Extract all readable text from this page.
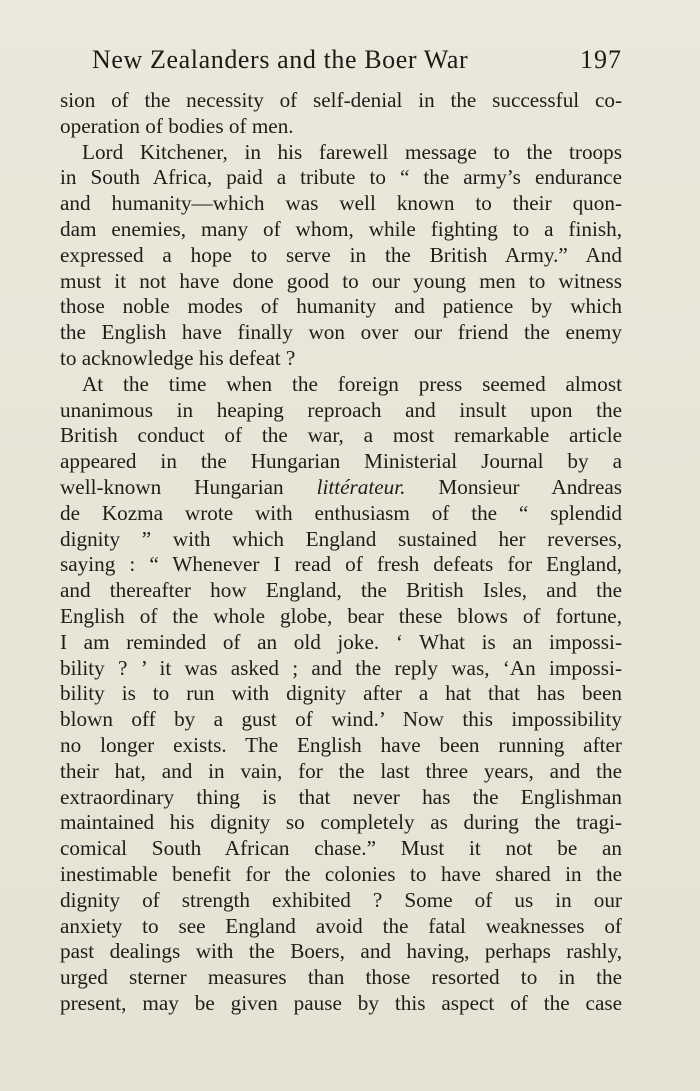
New Zealanders and the Boer War	197
sion of the necessity of self-denial in the successful co-
operation of bodies of men.
Lord Kitchener, in his farewell message to the troops
in South Africa, paid a tribute to “ the army’s endurance
and humanity—which was well known to their quon-
dam enemies, many of whom, while fighting to a finish,
expressed a hope to serve in the British Army.” And
must it not have done good to our young men to witness
those noble modes of humanity and patience by which
the English have finally won over our friend the enemy
to acknowledge his defeat ?
At the time when the foreign press seemed almost
unanimous in heaping reproach and insult upon the
British conduct of the war, a most remarkable article
appeared in the Hungarian Ministerial Journal by a
well-known Hungarian littérateur. Monsieur Andreas
de Kozma wrote with enthusiasm of the “ splendid
dignity ” with which England sustained her reverses,
saying : “ Whenever I read of fresh defeats for England,
and thereafter how England, the British Isles, and the
English of the whole globe, bear these blows of fortune,
I am reminded of an old joke. ‘ What is an impossi-
bility ? ’ it was asked ; and the reply was, ‘An impossi-
bility is to run with dignity after a hat that has been
blown off by a gust of wind.’ Now this impossibility
no longer exists. The English have been running after
their hat, and in vain, for the last three years, and the
extraordinary thing is that never has the Englishman
maintained his dignity so completely as during the tragi-
comical South African chase.” Must it not be an
inestimable benefit for the colonies to have shared in the
dignity of strength exhibited ? Some of us in our
anxiety to see England avoid the fatal weaknesses of
past dealings with the Boers, and having, perhaps rashly,
urged sterner measures than those resorted to in the
present, may be given pause by this aspect of the case
